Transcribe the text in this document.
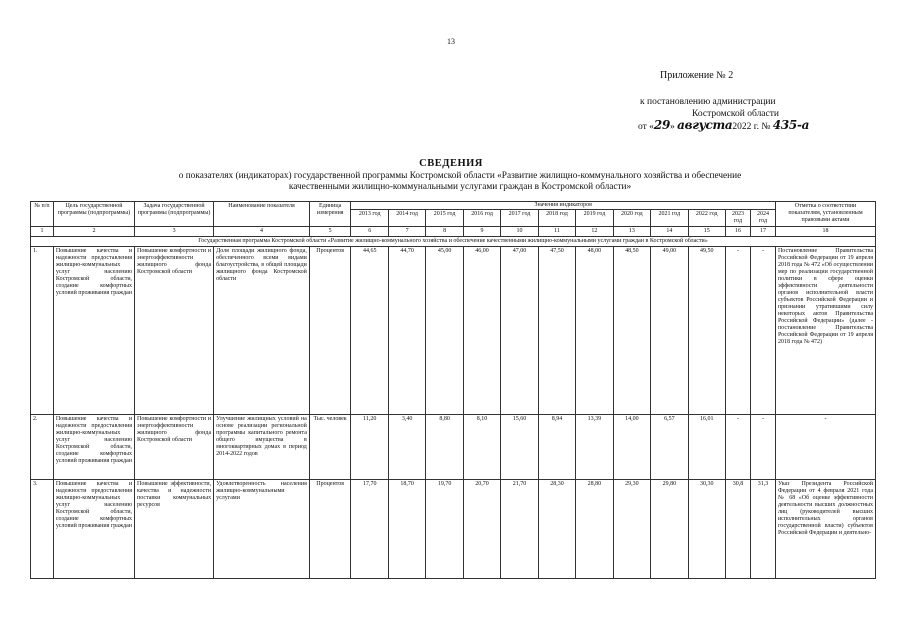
13
Приложение № 2
к постановлению администрации
Костромской области
от «29» августа2022 г. № 435-а
СВЕДЕНИЯ
о показателях (индикаторах) государственной программы Костромской области «Развитие жилищно-коммунального хозяйства и обеспечение качественными жилищно-коммунальными услугами граждан в Костромской области»
№ п/п	Цель государственной программы (подпрограммы)	Задача государственной программы (подпрограммы)	Наименование показателя	Единица измерения	Значения индикаторов												Отметка о соответствии показателям, установленным правовыми актами
					2013 год	2014 год	2015 год	2016 год	2017 год	2018 год	2019 год	2020 год	2021 год	2022 год	2023 год	2024 год	
1	2	3	4	5	6	7	8	9	10	11	12	13	14	15	16	17	18
Государственная программа Костромской области «Развитие жилищно-коммунального хозяйства и обеспечение качественными жилищно-коммунальными услугами граждан в Костромской области»																	
1.	Повышение качества и надежности предоставления жилищно-коммунальных услуг населению Костромской области, создание комфортных условий проживания граждан	Повышение комфортности и энергоэффективности жилищного фонда Костромской области	Доля площади жилищного фонда, обеспеченного всеми видами благоустройства, в общей площади жилищного фонда Костромской области	Процентов	44,65	44,70	45,00	46,00	47,00	47,50	48,00	48,50	49,00	49,50	-	-	Постановление Правительства Российской Федерации от 19 апреля 2018 года № 472 «Об осуществлении мер по реализации государственной политики в сфере оценки эффективности деятельности органов исполнительной власти субъектов Российской Федерации и признании утратившими силу некоторых актов Правительства Российской Федерации» (далее - постановление Правительства Российской Федерации от 19 апреля 2018 года № 472)
2.	Повышение качества и надежности предоставления жилищно-коммунальных услуг населению Костромской области, создание комфортных условий проживания граждан	Повышение комфортности и энергоэффективности жилищного фонда Костромской области	Улучшение жилищных условий на основе реализации региональной программы капитального ремонта общего имущества в многоквартирных домах в период 2014-2022 годов	Тыс. человек	11,20	3,40	8,80	8,10	15,60	8,94	13,39	14,00	6,57	16,01	-	-	-
3.	Повышение качества и надежности предоставления жилищно-коммунальных услуг населению Костромской области, создание комфортных условий проживания граждан	Повышение эффективности, качества и надежности поставки коммунальных ресурсов	Удовлетворенность населения жилищно-коммунальными услугами	Процентов	17,70	18,70	19,70	20,70	21,70	28,30	28,80	29,30	29,80	30,30	30,8	31,3	Указ Президента Российской Федерации от 4 февраля 2021 года № 68 «Об оценке эффективности деятельности высших должностных лиц (руководителей высших исполнительных органов государственной власти) субъектов Российской Федерации и деятельно-
